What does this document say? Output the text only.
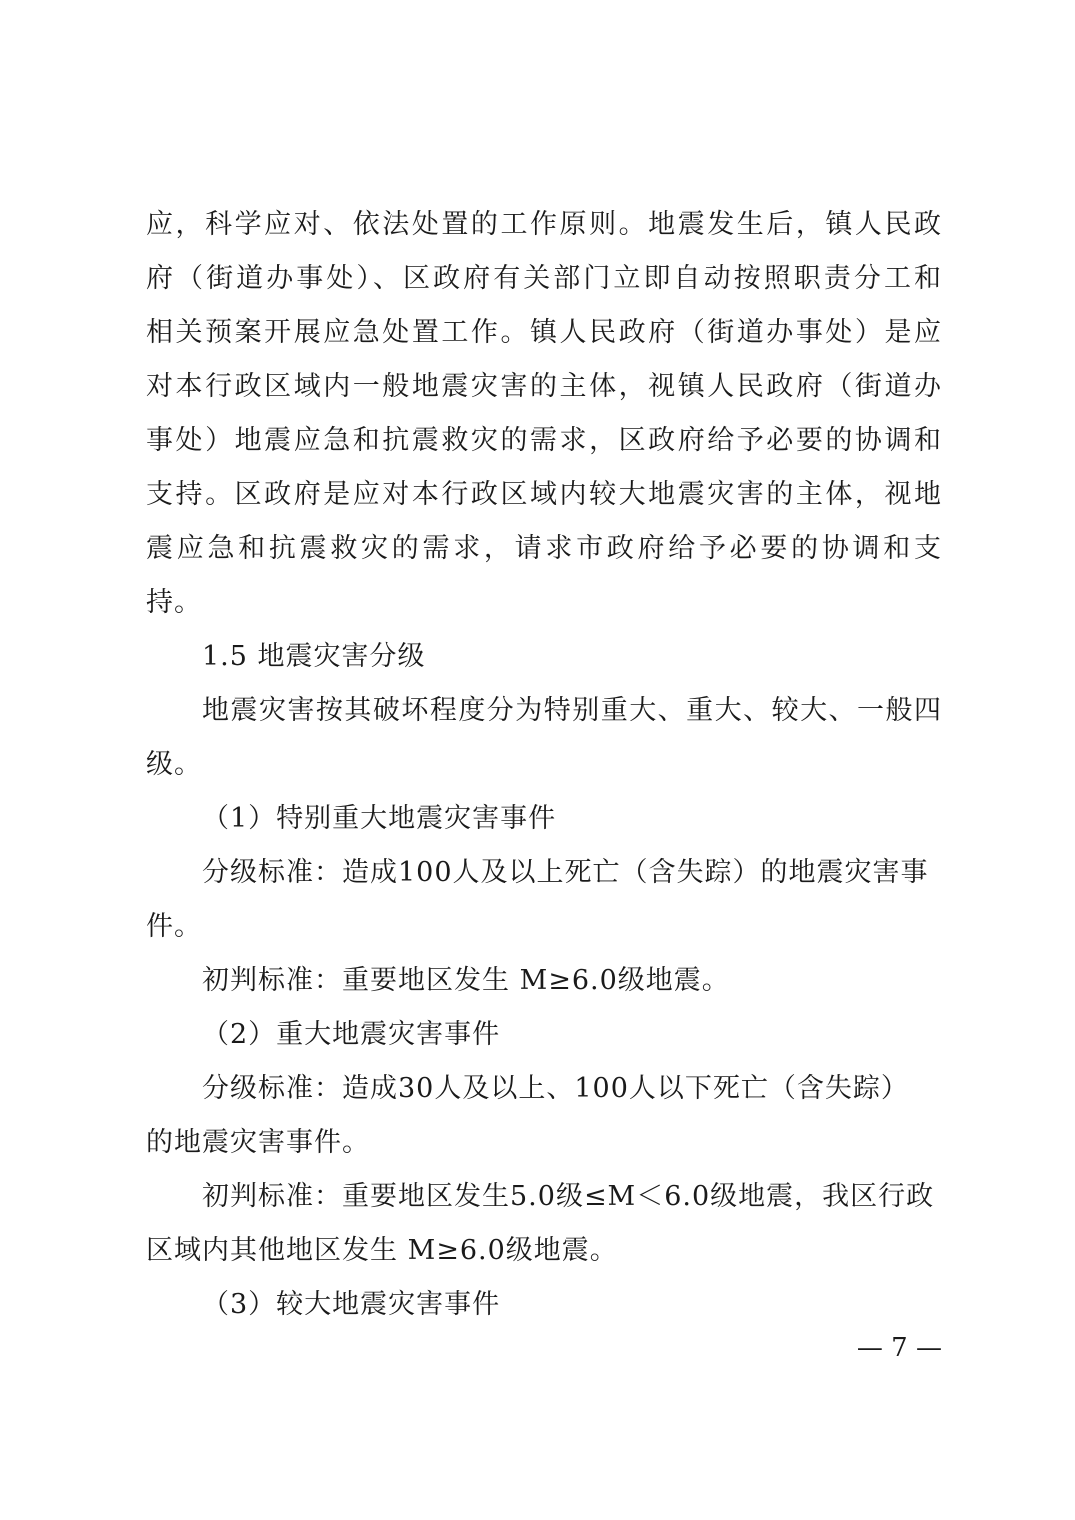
应，科学应对、依法处置的工作原则。地震发生后，镇人民政
府（街道办事处）、区政府有关部门立即自动按照职责分工和
相关预案开展应急处置工作。镇人民政府（街道办事处）是应
对本行政区域内一般地震灾害的主体，视镇人民政府（街道办
事处）地震应急和抗震救灾的需求，区政府给予必要的协调和
支持。区政府是应对本行政区域内较大地震灾害的主体，视地
震应急和抗震救灾的需求，请求市政府给予必要的协调和支
持。
1.5 地震灾害分级
地震灾害按其破坏程度分为特别重大、重大、较大、一般四
级。
（1）特别重大地震灾害事件
分级标准：造成100人及以上死亡（含失踪）的地震灾害事
件。
初判标准：重要地区发生 M≥6.0级地震。
（2）重大地震灾害事件
分级标准：造成30人及以上、100人以下死亡（含失踪）
的地震灾害事件。
初判标准：重要地区发生5.0级≤M＜6.0级地震，我区行政
区域内其他地区发生 M≥6.0级地震。
（3）较大地震灾害事件
— 7 —
